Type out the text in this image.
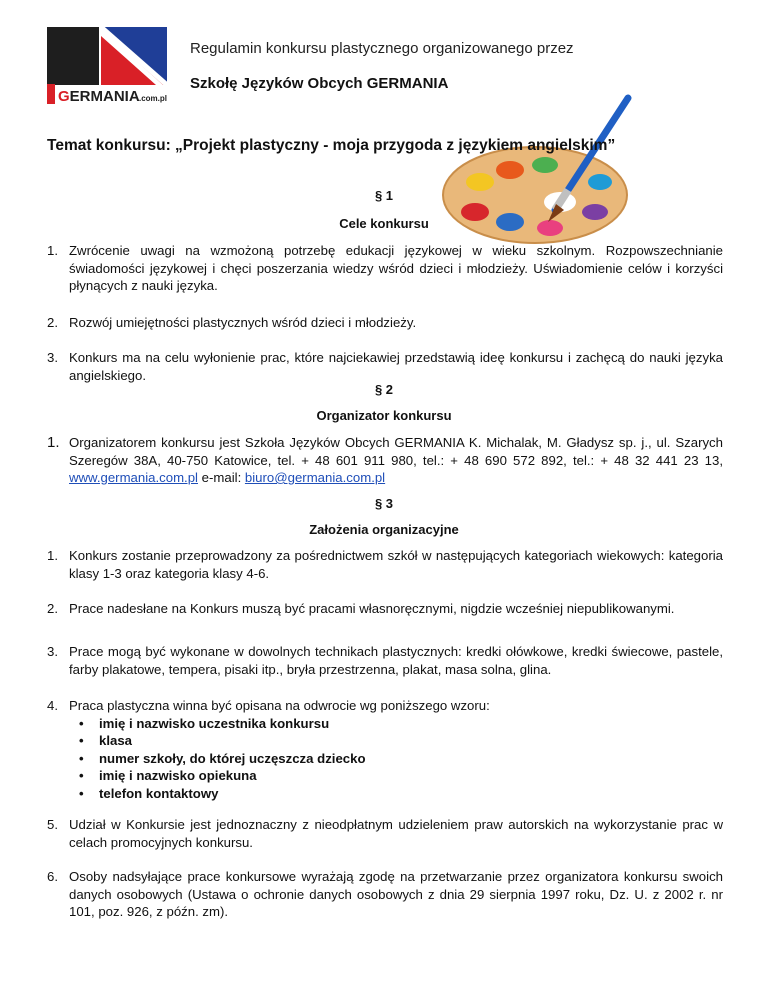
GERMANIA .com.pl
Regulamin konkursu plastycznego organizowanego przez
Szkołę Języków Obcych GERMANIA
Temat konkursu: „Projekt plastyczny - moja przygoda z językiem angielskim”
§ 1
Cele konkursu
1. Zwrócenie uwagi na wzmożoną potrzebę edukacji językowej w wieku szkolnym. Rozpowszechnianie świadomości językowej i chęci poszerzania wiedzy wśród dzieci i młodzieży. Uświadomienie celów i korzyści płynących z nauki języka.
2. Rozwój umiejętności plastycznych wśród dzieci i młodzieży.
3. Konkurs ma na celu wyłonienie prac, które najciekawiej przedstawią ideę konkursu i zachęcą do nauki języka angielskiego.
§ 2
Organizator konkursu
1. Organizatorem konkursu jest Szkoła Języków Obcych GERMANIA K. Michalak, M. Gładysz sp. j., ul. Szarych Szeregów 38A, 40-750 Katowice, tel. + 48 601 911 980, tel.: + 48 690 572 892, tel.: + 48 32 441 23 13, www.germania.com.pl e-mail: biuro@germania.com.pl
§ 3
Założenia organizacyjne
1. Konkurs zostanie przeprowadzony za pośrednictwem szkół w następujących kategoriach wiekowych: kategoria klasy 1-3 oraz kategoria klasy 4-6.
2. Prace nadesłane na Konkurs muszą być pracami własnoręcznymi, nigdzie wcześniej niepublikowanymi.
3. Prace mogą być wykonane w dowolnych technikach plastycznych: kredki ołówkowe, kredki świecowe, pastele, farby plakatowe, tempera, pisaki itp., bryła przestrzenna, plakat, masa solna, glina.
4. Praca plastyczna winna być opisana na odwrocie wg poniższego wzoru:
• imię i nazwisko uczestnika konkursu
• klasa
• numer szkoły, do której uczęszcza dziecko
• imię i nazwisko opiekuna
• telefon kontaktowy
5. Udział w Konkursie jest jednoznaczny z nieodpłatnym udzieleniem praw autorskich na wykorzystanie prac w celach promocyjnych konkursu.
6. Osoby nadsyłające prace konkursowe wyrażają zgodę na przetwarzanie przez organizatora konkursu swoich danych osobowych (Ustawa o ochronie danych osobowych z dnia 29 sierpnia 1997 roku, Dz. U. z 2002 r. nr 101, poz. 926, z późn. zm).
